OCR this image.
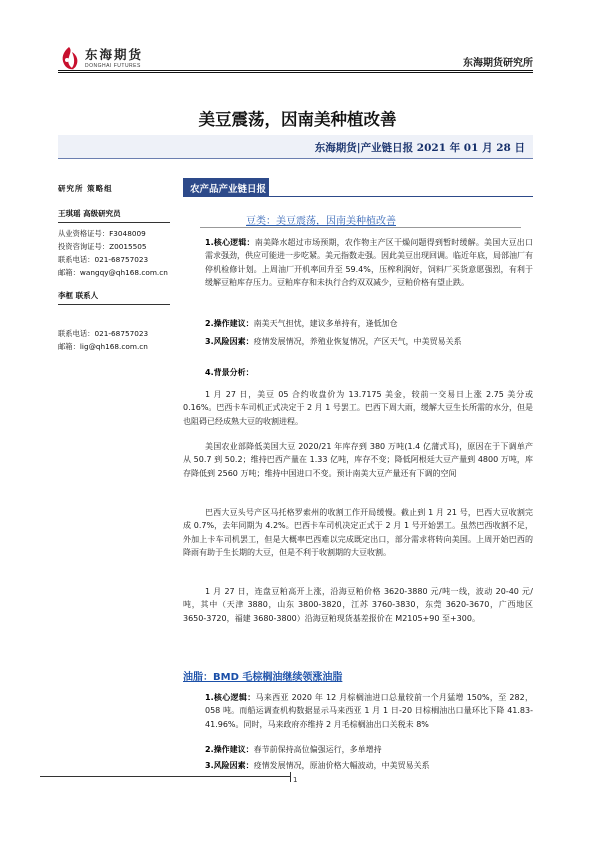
东海期货
DONGHAI FUTURES	东海期货研究所
美豆震荡，因南美种植改善
东海期货|产业链日报 2021 年 01 月 28 日
研究所 策略组
王琪瑶 高级研究员
从业资格证号：F3048009
投资咨询证号：Z0015505
联系电话：021-68757023
邮箱：wangqy@qh168.com.cn
李框 联系人
联系电话：021-68757023
邮箱：lig@qh168.com.cn
农产品产业链日报
豆类：美豆震荡，因南美种植改善

1.核心逻辑：南美降水超过市场预期，农作物主产区干燥问题得到暂时缓解。美国大豆出口需求强劲，供应可能进一步吃紧。美元指数走强。因此美豆出现回调。临近年底，局部油厂有停机检修计划。上周油厂开机率回升至 59.4%，压榨利润好，饲料厂买货意愿强烈，有利于缓解豆粕库存压力。豆粕库存和未执行合约双双减少，豆粕价格有望止跌。

2.操作建议：南美天气担忧，建议多单持有，逢低加仓

3.风险因素：疫情发展情况，养殖业恢复情况，产区天气，中美贸易关系

4.背景分析：

1 月 27 日，美豆 05 合约收盘价为 13.7175 美金，较前一交易日上涨 2.75 美分或 0.16%。巴西卡车司机正式决定于 2 月 1 号罢工。巴西下周大雨，缓解大豆生长所需的水分，但是也阻碍已经成熟大豆的收割进程。

美国农业部降低美国大豆 2020/21 年库存到 380 万吨(1.4 亿蒲式耳)，原因在于下调单产从 50.7 到 50.2；维持巴西产量在 1.33 亿吨，库存不变；降低阿根廷大豆产量到 4800 万吨，库存降低到 2560 万吨；维持中国进口不变。预计南美大豆产量还有下调的空间

巴西大豆头号产区马托格罗索州的收割工作开局缓慢。截止到 1 月 21 号，巴西大豆收割完成 0.7%，去年同期为 4.2%。巴西卡车司机决定正式于 2 月 1 号开始罢工。虽然巴西收割不足，外加上卡车司机罢工，但是大概率巴西难以完成既定出口，部分需求将转向美国。上周开始巴西的降雨有助于生长期的大豆，但是不利于收割期的大豆收割。

1 月 27 日，连盘豆粕高开上涨，沿海豆粕价格 3620-3880 元/吨一线，波动 20-40 元/吨，其中（天津 3880，山东 3800-3820，江苏 3760-3830，东莞 3620-3670，广西地区 3650-3720，福建 3680-3800）沿海豆粕现货基差报价在 M2105+90 至+300。

油脂：BMD 毛棕榈油继续领涨油脂

1.核心逻辑：马来西亚 2020 年 12 月棕榈油进口总量较前一个月猛增 150%，至 282，058 吨。而船运调查机构数据显示马来西亚 1 月 1 日-20 日棕榈油出口量环比下降 41.83-41.96%。同时，马来政府亦维持 2 月毛棕榈油出口关税未 8%

2.操作建议：春节前保持高位偏强运行，多单增持

3.风险因素：疫情发展情况，原油价格大幅波动，中美贸易关系

1
